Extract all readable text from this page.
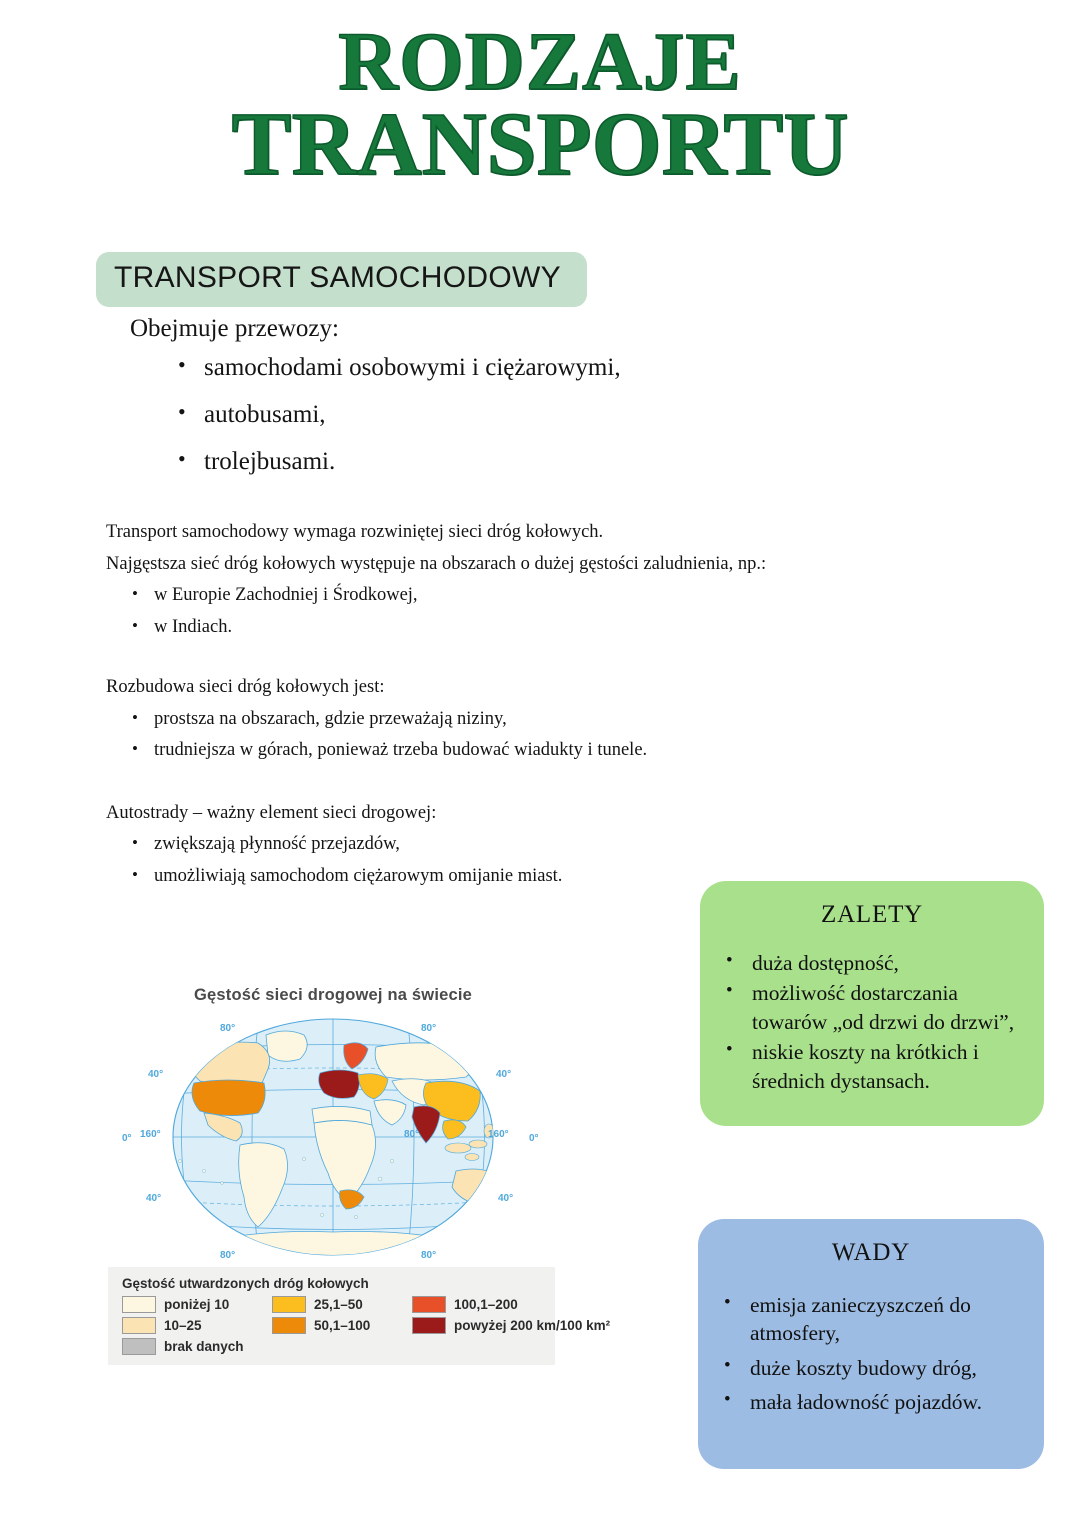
RODZAJE
TRANSPORTU
TRANSPORT SAMOCHODOWY

Obejmuje przewozy:

• samochodami osobowymi i ciężarowymi,
• autobusami,
• trolejbusami.

Transport samochodowy wymaga rozwiniętej sieci dróg kołowych.

Najgęstsza sieć dróg kołowych występuje na obszarach o dużej gęstości zaludnienia, np.:

• w Europie Zachodniej i Środkowej,
• w Indiach.

Rozbudowa sieci dróg kołowych jest:

• prostsza na obszarach, gdzie przeważają niziny,
• trudniejsza w górach, ponieważ trzeba budować wiadukty i tunele.

Autostrady – ważny element sieci drogowej:

• zwiększają płynność przejazdów,
• umożliwiają samochodom ciężarowym omijanie miast.

ZALETY

• duża dostępność,
• możliwość dostarczania towarów „od drzwi do drzwi”,
• niskie koszty na krótkich i średnich dystansach.

WADY

• emisja zanieczyszczeń do atmosfery,
• duże koszty budowy dróg,
• mała ładowność pojazdów.
Gęstość sieci drogowej na świecie
80°	80°
40°	40°
0° 160°	80°	160° 0°
40°	40°
80°	80°
Gęstość utwardzonych dróg kołowych
poniżej 10
10–25
brak danych
25,1–50
50,1–100
100,1–200
powyżej 200 km/100 km²
